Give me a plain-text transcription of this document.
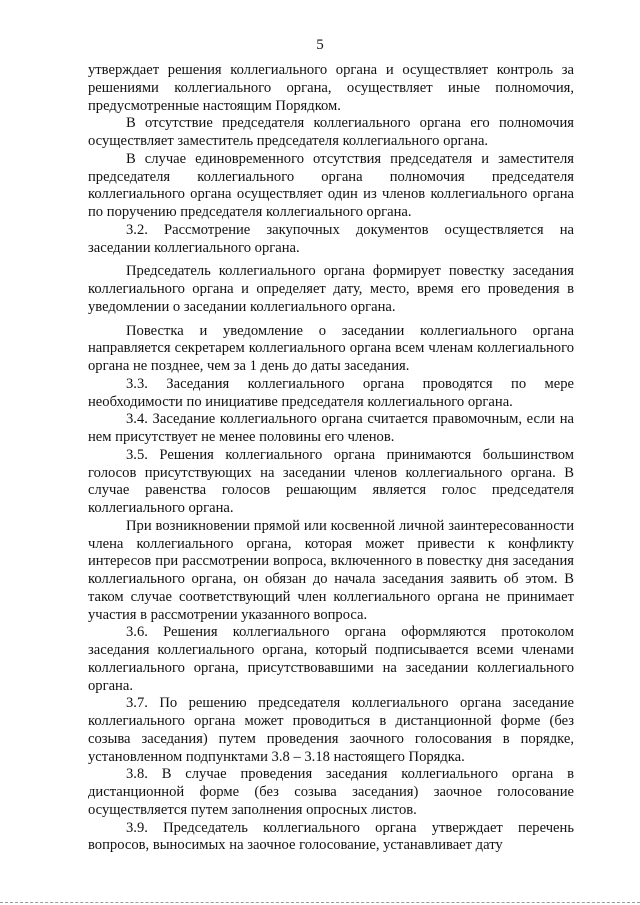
5

утверждает решения коллегиального органа и осуществляет контроль за решениями коллегиального органа, осуществляет иные полномочия, предусмотренные настоящим Порядком.

В отсутствие председателя коллегиального органа его полномочия осуществляет заместитель председателя коллегиального органа.

В случае единовременного отсутствия председателя и заместителя председателя коллегиального органа полномочия председателя коллегиального органа осуществляет один из членов коллегиального органа по поручению председателя коллегиального органа.

3.2. Рассмотрение закупочных документов осуществляется на заседании коллегиального органа.

Председатель коллегиального органа формирует повестку заседания коллегиального органа и определяет дату, место, время его проведения в уведомлении о заседании коллегиального органа.

Повестка и уведомление о заседании коллегиального органа направляется секретарем коллегиального органа всем членам коллегиального органа не позднее, чем за 1 день до даты заседания.

3.3. Заседания коллегиального органа проводятся по мере необходимости по инициативе председателя коллегиального органа.

3.4. Заседание коллегиального органа считается правомочным, если на нем присутствует не менее половины его членов.

3.5. Решения коллегиального органа принимаются большинством голосов присутствующих на заседании членов коллегиального органа. В случае равенства голосов решающим является голос председателя коллегиального органа.

При возникновении прямой или косвенной личной заинтересованности члена коллегиального органа, которая может привести к конфликту интересов при рассмотрении вопроса, включенного в повестку дня заседания коллегиального органа, он обязан до начала заседания заявить об этом. В таком случае соответствующий член коллегиального органа не принимает участия в рассмотрении указанного вопроса.

3.6. Решения коллегиального органа оформляются протоколом заседания коллегиального органа, который подписывается всеми членами коллегиального органа, присутствовавшими на заседании коллегиального органа.

3.7. По решению председателя коллегиального органа заседание коллегиального органа может проводиться в дистанционной форме (без созыва заседания) путем проведения заочного голосования в порядке, установленном подпунктами 3.8 – 3.18 настоящего Порядка.

3.8. В случае проведения заседания коллегиального органа в дистанционной форме (без созыва заседания) заочное голосование осуществляется путем заполнения опросных листов.

3.9. Председатель коллегиального органа утверждает перечень вопросов, выносимых на заочное голосование, устанавливает дату
